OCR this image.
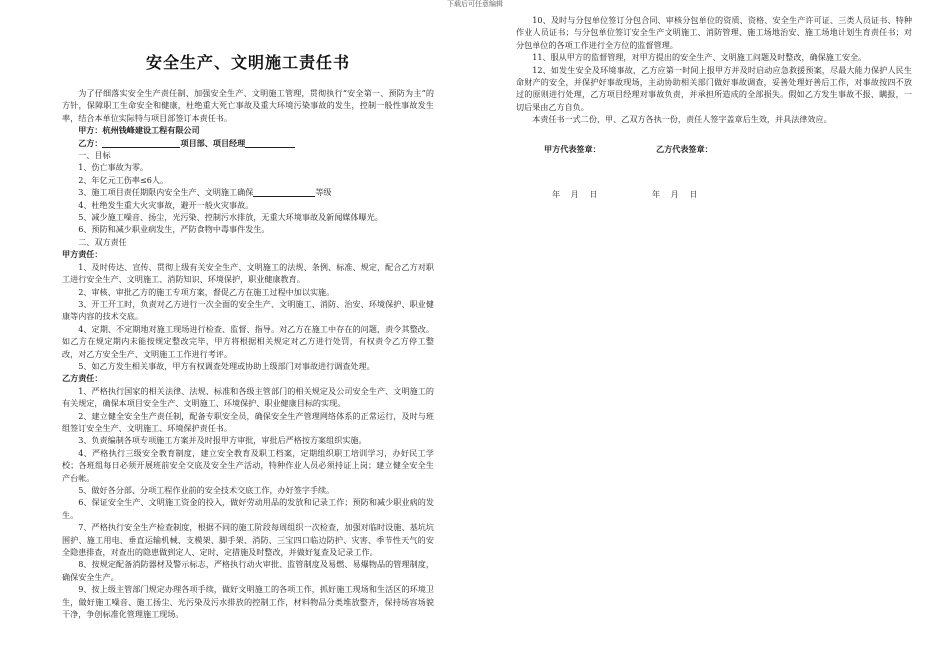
下载后可任意编辑
安全生产、文明施工责任书

为了仔细落实安全生产责任制、加强安全生产、文明施工管理，贯彻执行“安全第一、预防为主”的方针，保障职工生命安全和健康，杜绝重大死亡事故及重大环境污染事故的发生，控制一般性事故发生率，结合本单位实际特与项目部签订本责任书。

甲方：杭州钱峰建设工程有限公司

乙方：	项目部、项目经理

一、目标

1、伤亡事故为零。

2、年亿元工伤率≤6人。

3、施工项目责任期限内安全生产、文明施工确保	等级

4、杜绝发生重大火灾事故，避开一般火灾事故。

5、减少施工噪音、扬尘，光污染、控制污水排放，无重大环境事故及新闻媒体曝光。

6、预防和减少职业病发生，严防食物中毒事件发生。

二、双方责任

甲方责任：

1、及时传达、宣传、贯彻上级有关安全生产、文明施工的法规、条例、标准、规定，配合乙方对职工进行安全生产、文明施工、消防知识、环境保护，职业健康教育。

2、审核、审批乙方的施工专项方案，督促乙方在施工过程中加以实施。

3、开工开工时，负责对乙方进行一次全面的安全生产、文明施工、消防、治安、环境保护、职业健康等内容的技术交底。

4、定期、不定期地对施工现场进行检查、监督、指导。对乙方在施工中存在的问题，责令其整改。如乙方在规定期内未能按规定整改完毕，甲方将根据相关规定对乙方进行处罚，有权责令乙方停工整改，对乙方安全生产、文明施工工作进行考评。

5、如乙方发生相关事故，甲方有权调查处理或协助上级部门对事故进行调查处理。

乙方责任：

1、严格执行国家的相关法律、法规、标准和各级主管部门的相关规定及公司安全生产、文明施工的有关规定，确保本项目安全生产、文明施工、环境保护、职业健康目标的实现。

2、建立健全安全生产责任制，配备专职安全员，确保安全生产管理网络体系的正常运行，及时与班组签订安全生产、文明施工、环境保护责任书。

3、负责编制各项专项施工方案并及时报甲方审批，审批后严格按方案组织实施。

4、严格执行三级安全教育制度，建立安全教育及职工档案，定期组织职工培训学习，办好民工学校；各班组每日必须开展班前安全交底及安全生产活动，特种作业人员必须持证上岗；建立健全安全生产台帐。

5、做好各分部、分项工程作业前的安全技术交底工作，办好签字手续。

6、保证安全生产、文明施工资金的投入，做好劳动用品的发放和记录工作；预防和减少职业病的发生。

7、严格执行安全生产检查制度，根据不同的施工阶段每周组织一次检查，加强对临时设施、基坑坑围护、施工用电、垂直运输机械、支模架、脚手架、消防、三宝四口临边防护、灾害、季节性天气的安全隐患排查，对查出的隐患做到定人、定时、定措施及时整改，并做好复查及记录工作。

8、按规定配备消防器材及警示标志，严格执行动火审批、监管制度及易燃、易爆物品的管理制度，确保安全生产。

9、按上级主管部门规定办理各项手续，做好文明施工的各项工作，抓好施工现场和生活区的环境卫生，做好施工噪音、施工扬尘、光污染及污水排放的控制工作，材料物品分类堆放整齐，保持场容场貌干净，争创标准化管理施工现场。

10、及时与分包单位签订分包合同、审核分包单位的资质、资格、安全生产许可证、三类人员证书、特种作业人员证书；与分包单位签订安全生产文明施工、消防管理、施工场地治安、施工场地计划生育责任书；对分包单位的各项工作进行全方位的监督管理。

11、服从甲方的监督管理，对甲方提出的安全生产、文明施工问题及时整改，确保施工安全。

12、如发生安全及环境事故，乙方应第一时间上报甲方并及时启动应急救援预案，尽最大能力保护人民生命财产的安全，并保护好事故现场，主动协助相关部门做好事故调查，妥善处理好善后工作，对事故按四不放过的原则进行处理，乙方项目经理对事故负责，并承担所造成的全部损失。假如乙方发生事故不报、瞒报，一切后果由乙方自负。

本责任书一式二份，甲、乙双方各执一份，责任人签字盖章后生效，并具法律效应。

甲方代表签章：	乙方代表签章：
年 月 日	年 月 日
